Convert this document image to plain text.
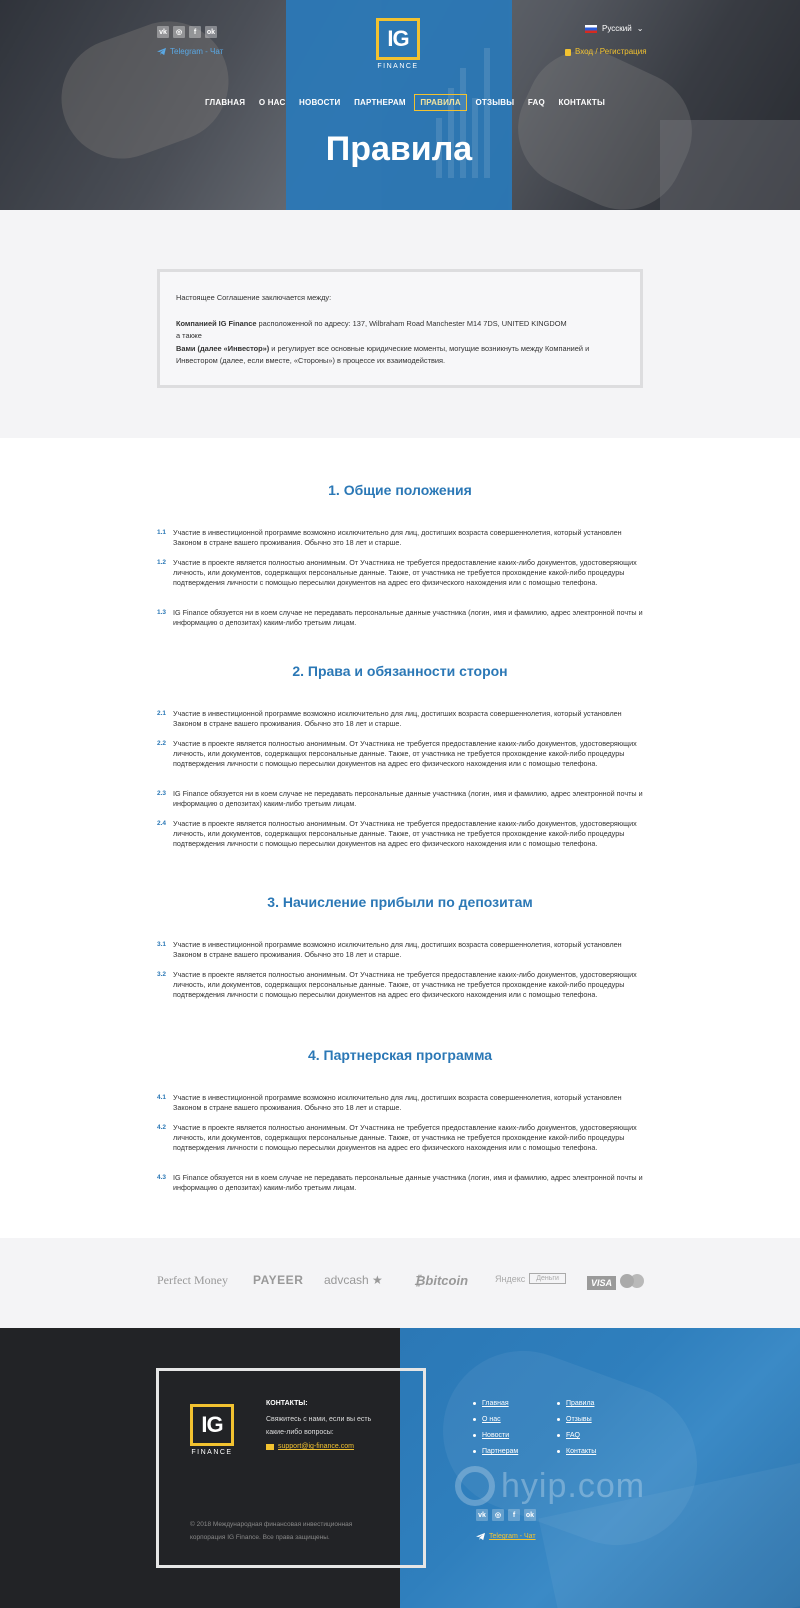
vk	◎	f	ok
Telegram - Чат
IG
FINANCE
Русский ⌄
Вход / Регистрация
ГЛАВНАЯ	О НАС	НОВОСТИ	ПАРТНЕРАМ	ПРАВИЛА	ОТЗЫВЫ	FAQ	КОНТАКТЫ
Правила

Настоящее Соглашение заключается между:

Компанией IG Finance расположенной по адресу: 137, Wilbraham Road Manchester M14 7DS, UNITED KINGDOM

а также

Вами (далее «Инвестор») и регулирует все основные юридические моменты, могущие возникнуть между Компанией и Инвестором (далее, если вместе, «Стороны») в процессе их взаимодействия.

1. Общие положения
1.1 Участие в инвестиционной программе возможно исключительно для лиц, достигших возраста совершеннолетия, который установлен Законом в стране вашего проживания. Обычно это 18 лет и старше.
1.2 Участие в проекте является полностью анонимным. От Участника не требуется предоставление каких-либо документов, удостоверяющих личность, или документов, содержащих персональные данные. Также, от участника не требуется прохождение какой-либо процедуры подтверждения личности с помощью пересылки документов на адрес его физического нахождения или с помощью телефона.
1.3 IG Finance обязуется ни в коем случае не передавать персональные данные участника (логин, имя и фамилию, адрес электронной почты и информацию о депозитах) каким-либо третьим лицам.
2. Права и обязанности сторон
2.1 Участие в инвестиционной программе возможно исключительно для лиц, достигших возраста совершеннолетия, который установлен Законом в стране вашего проживания. Обычно это 18 лет и старше.
2.2 Участие в проекте является полностью анонимным. От Участника не требуется предоставление каких-либо документов, удостоверяющих личность, или документов, содержащих персональные данные. Также, от участника не требуется прохождение какой-либо процедуры подтверждения личности с помощью пересылки документов на адрес его физического нахождения или с помощью телефона.
2.3 IG Finance обязуется ни в коем случае не передавать персональные данные участника (логин, имя и фамилию, адрес электронной почты и информацию о депозитах) каким-либо третьим лицам.
2.4 Участие в проекте является полностью анонимным. От Участника не требуется предоставление каких-либо документов, удостоверяющих личность, или документов, содержащих персональные данные. Также, от участника не требуется прохождение какой-либо процедуры подтверждения личности с помощью пересылки документов на адрес его физического нахождения или с помощью телефона.
3. Начисление прибыли по депозитам
3.1 Участие в инвестиционной программе возможно исключительно для лиц, достигших возраста совершеннолетия, который установлен Законом в стране вашего проживания. Обычно это 18 лет и старше.
3.2 Участие в проекте является полностью анонимным. От Участника не требуется предоставление каких-либо документов, удостоверяющих личность, или документов, содержащих персональные данные. Также, от участника не требуется прохождение какой-либо процедуры подтверждения личности с помощью пересылки документов на адрес его физического нахождения или с помощью телефона.
4. Партнерская программа
4.1 Участие в инвестиционной программе возможно исключительно для лиц, достигших возраста совершеннолетия, который установлен Законом в стране вашего проживания. Обычно это 18 лет и старше.
4.2 Участие в проекте является полностью анонимным. От Участника не требуется предоставление каких-либо документов, удостоверяющих личность, или документов, содержащих персональные данные. Также, от участника не требуется прохождение какой-либо процедуры подтверждения личности с помощью пересылки документов на адрес его физического нахождения или с помощью телефона.
4.3 IG Finance обязуется ни в коем случае не передавать персональные данные участника (логин, имя и фамилию, адрес электронной почты и информацию о депозитах) каким-либо третьим лицам.
Perfect Money PAYEER advcash ★ ₿bitcoin	Яндекс	Деньги	VISA
IG
FINANCE
КОНТАКТЫ:
Свяжитесь с нами, если вы есть какие-либо вопросы:
support@ig-finance.com
© 2018 Международная финансовая инвестиционная корпорация IG Finance. Все права защищены.
hyip.com
Главная
О нас
Новости
Партнерам
Правила
Отзывы
FAQ
Контакты
vk	◎	f	ok
Telegram - Чат
